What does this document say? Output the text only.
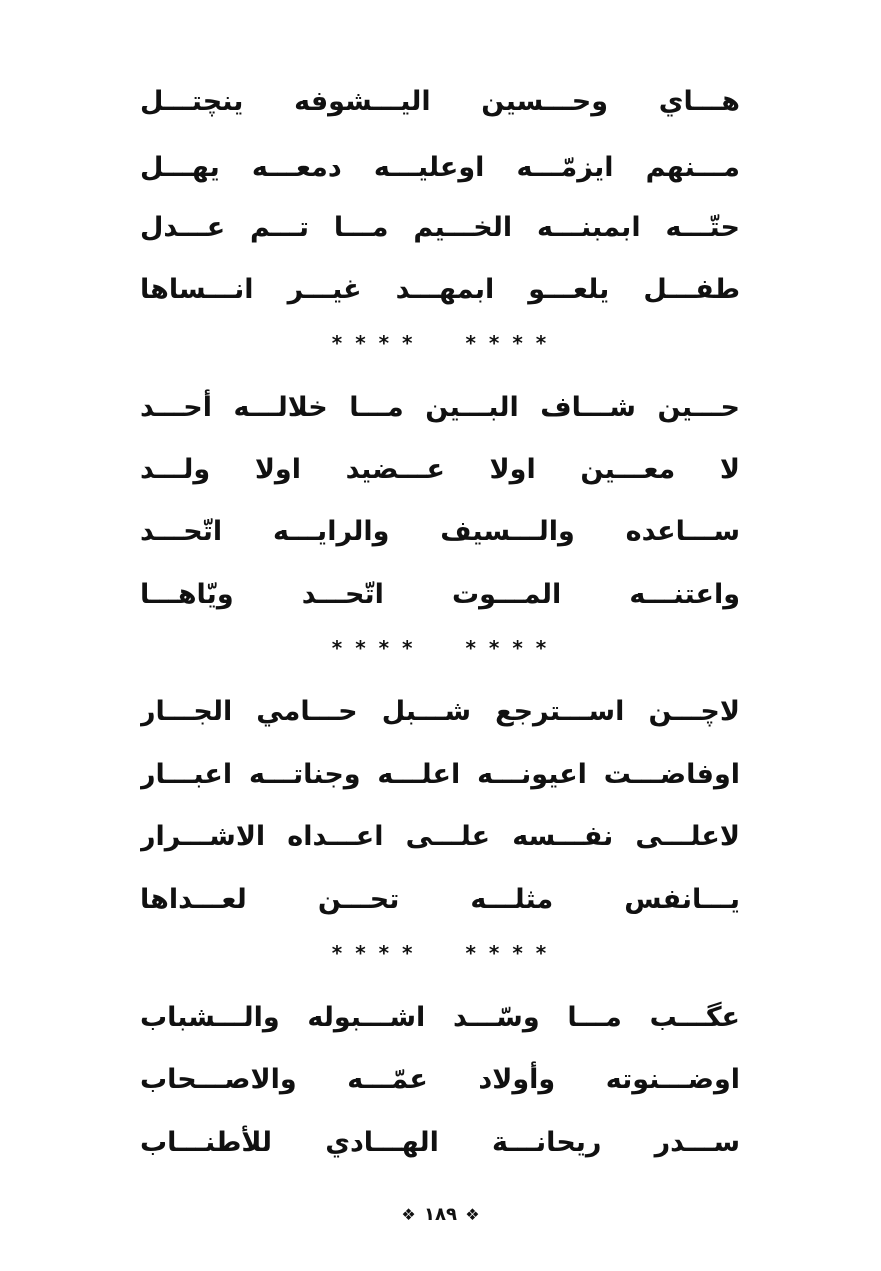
هـــاي وحـــسين اليـــشوفه ينچتـــل
مـــنهم ايزمّـــه اوعليـــه دمعـــه يهـــل
حتّـــه ابمبنـــه الخـــيم مـــا تـــم عـــدل
طفـــل يلعـــو ابمهـــد غيـــر انـــساها
* * * * * * * *
حـــين شـــاف البـــين مـــا خلالـــه أحـــد
لا معـــين اولا عـــضيد اولا ولـــد
ســـاعده والـــسيف والرايـــه اتّحـــد
واعتنـــه المـــوت اتّحـــد ويّاهـــا
* * * * * * * *
لاچـــن اســـترجع شـــبل حـــامي الجـــار
اوفاضـــت اعيونـــه اعلـــه وجناتـــه اعبـــار
لاعلـــى نفـــسه علـــى اعـــداه الاشـــرار
يـــانفس مثلـــه تحـــن لعـــداها
* * * * * * * *
عگـــب مـــا وسّـــد اشـــبوله والـــشباب
اوضـــنوته وأولاد عمّـــه والاصـــحاب
ســـدر ريحانـــة الهـــادي للأطنـــاب
❖ ١٨٩ ❖
